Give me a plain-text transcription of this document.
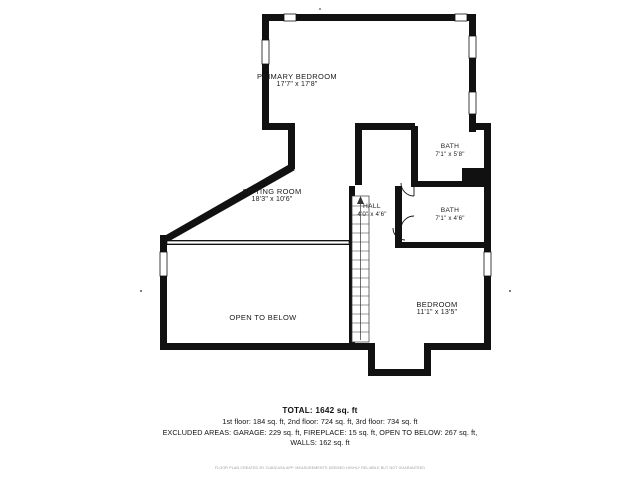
PRIMARY BEDROOM
17'7" x 17'8"
BATH
7'1" x 5'8"
SITTING ROOM
18'3" x 10'6"
HALL
4'0" x 4'6"
BATH
7'1" x 4'6"
BEDROOM
11'1" x 13'5"
OPEN TO BELOW
TOTAL: 1642 sq. ft
1st floor: 184 sq. ft, 2nd floor: 724 sq. ft, 3rd floor: 734 sq. ft
EXCLUDED AREAS: GARAGE: 229 sq. ft, FIREPLACE: 15 sq. ft, OPEN TO BELOW: 267 sq. ft,
WALLS: 162 sq. ft
FLOOR PLAN CREATED BY CUBICASA APP. MEASUREMENTS DEEMED HIGHLY RELIABLE BUT NOT GUARANTEED
